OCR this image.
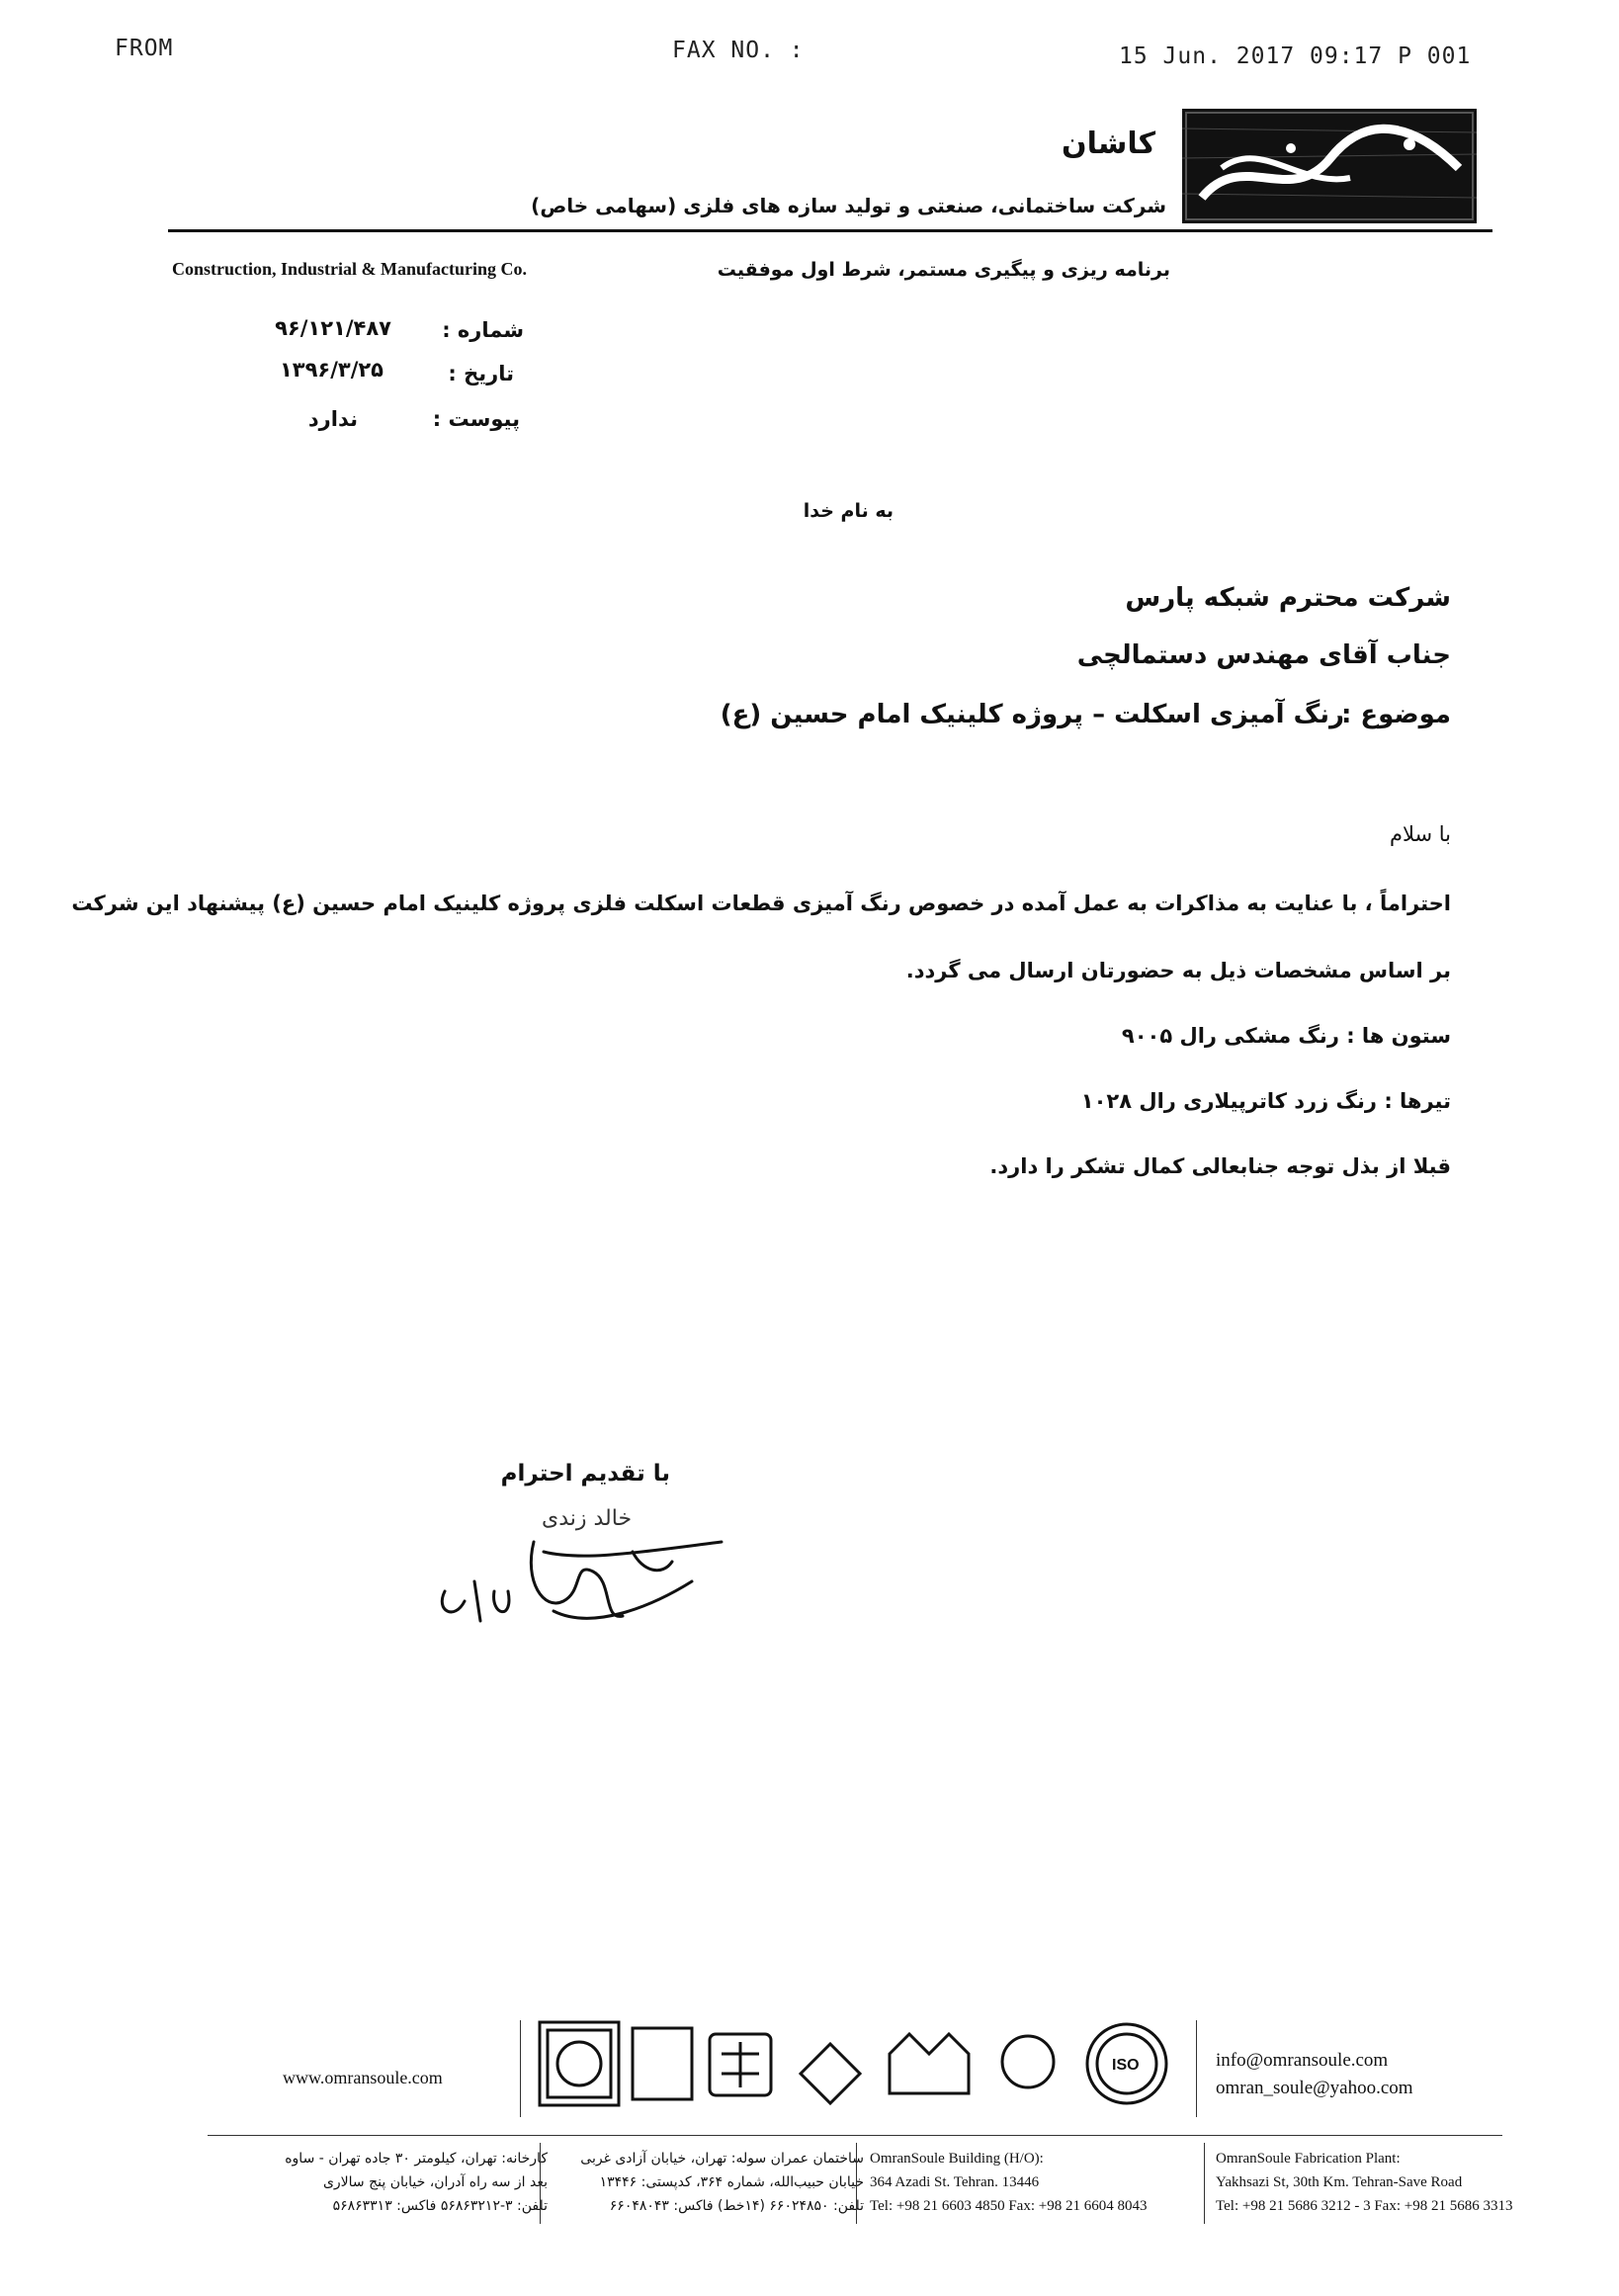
FROM	FAX NO. :	15 Jun. 2017 09:17 P 001
کاشان
شرکت ساختمانی، صنعتی و تولید سازه های فلزی (سهامی خاص)
Construction, Industrial & Manufacturing Co.	برنامه ریزی و پیگیری مستمر، شرط اول موفقیت
شماره :
۹۶/۱۲۱/۴۸۷
تاریخ :
۱۳۹۶/۳/۲۵
پیوست :
ندارد
به نام خدا
شرکت محترم شبکه پارس
جناب آقای مهندس دستمالچی
موضوع :
رنگ آمیزی اسکلت – پروژه کلینیک امام حسین (ع)
با سلام
احتراماً ، با عنایت به مذاکرات به عمل آمده در خصوص رنگ آمیزی قطعات اسکلت فلزی پروژه کلینیک امام حسین (ع) پیشنهاد این شرکت
بر اساس مشخصات ذیل به حضورتان ارسال می گردد.
ستون ها : رنگ مشکی رال ۹۰۰۵
تیرها : رنگ زرد کاترپیلاری رال ۱۰۲۸
قبلا از بذل توجه جنابعالی کمال تشکر را دارد.
با تقدیم احترام
خالد زندی
www.omransoule.com
ISO	info@omransoule.com
omran_soule@yahoo.com
کارخانه: تهران، کیلومتر ۳۰ جاده تهران - ساوه
بعد از سه راه آدران، خیابان پنج سالاری
تلفن: ۳-۵۶۸۶۳۲۱۲ فاکس: ۵۶۸۶۳۳۱۳
ساختمان عمران سوله: تهران، خیابان آزادی غربی
خیابان حبیب‌الله، شماره ۳۶۴، کدپستی: ۱۳۴۴۶
تلفن: ۶۶۰۲۴۸۵۰ (۱۴خط) فاکس: ۶۶۰۴۸۰۴۳
OmranSoule Building (H/O):
364 Azadi St. Tehran. 13446
Tel: +98 21 6603 4850 Fax: +98 21 6604 8043
OmranSoule Fabrication Plant:
Yakhsazi St, 30th Km. Tehran-Save Road
Tel: +98 21 5686 3212 - 3 Fax: +98 21 5686 3313
